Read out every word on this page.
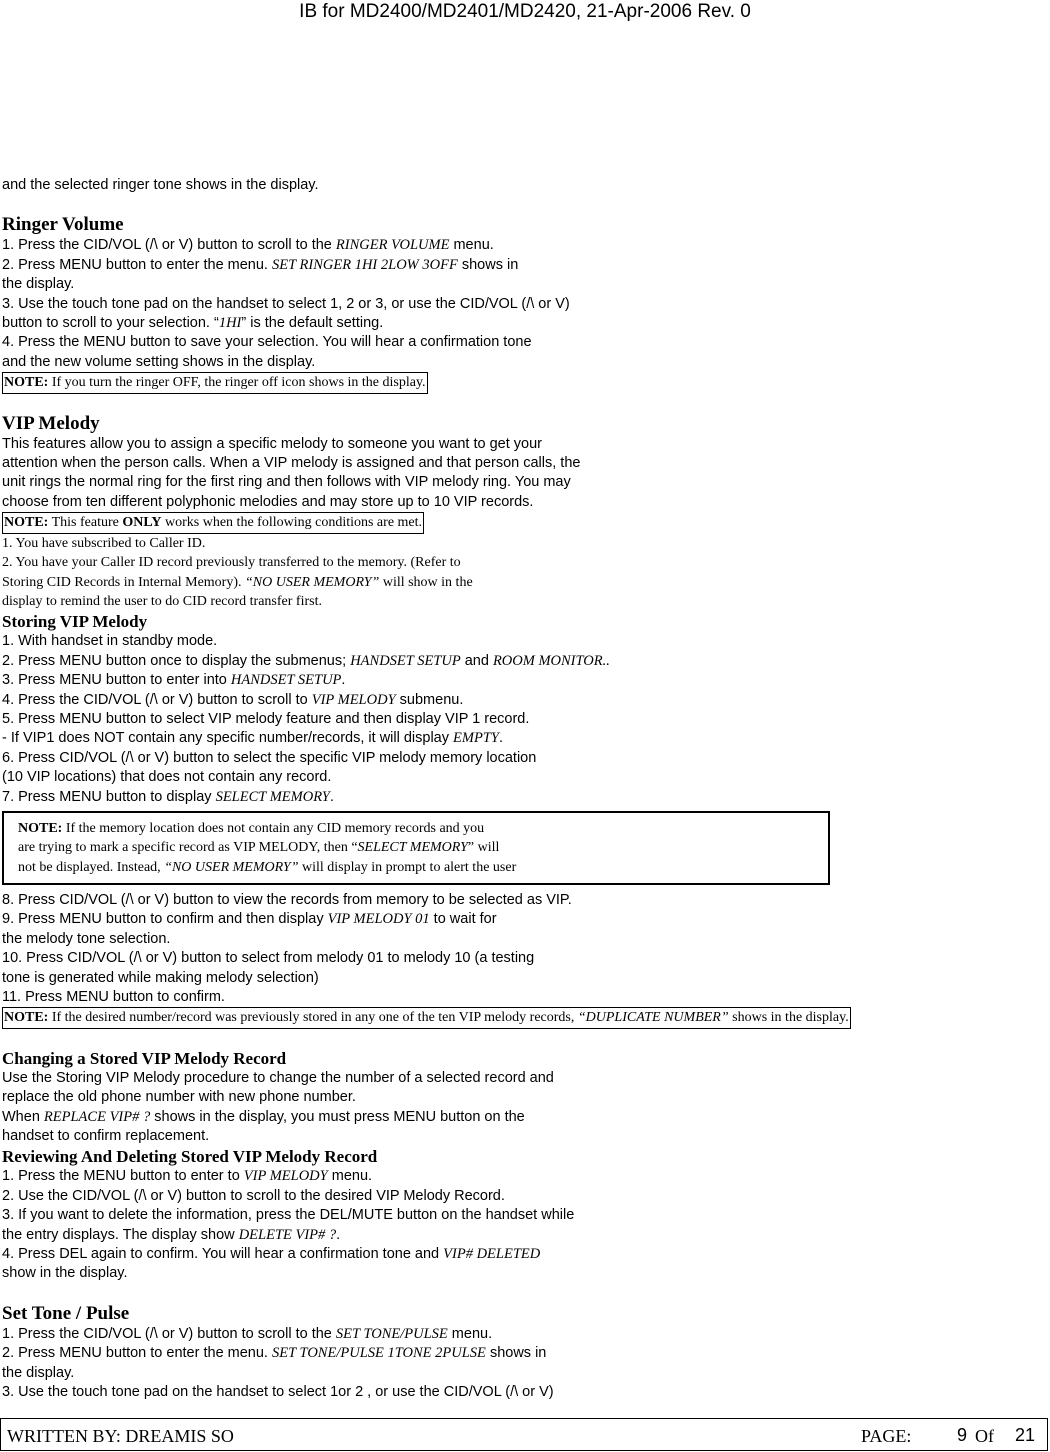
IB for MD2400/MD2401/MD2420, 21-Apr-2006 Rev. 0

and the selected ringer tone shows in the display.

Ringer Volume

1. Press the CID/VOL (/\ or V) button to scroll to the RINGER VOLUME menu.

2. Press MENU button to enter the menu. SET RINGER 1HI 2LOW 3OFF shows in

the display.

3. Use the touch tone pad on the handset to select 1, 2 or 3, or use the CID/VOL (/\ or V)

button to scroll to your selection. “1HI” is the default setting.

4. Press the MENU button to save your selection. You will hear a confirmation tone

and the new volume setting shows in the display.

NOTE: If you turn the ringer OFF, the ringer off icon shows in the display.

VIP Melody

This features allow you to assign a specific melody to someone you want to get your

attention when the person calls. When a VIP melody is assigned and that person calls, the

unit rings the normal ring for the first ring and then follows with VIP melody ring. You may

choose from ten different polyphonic melodies and may store up to 10 VIP records.

NOTE: This feature ONLY works when the following conditions are met.

1. You have subscribed to Caller ID.

2. You have your Caller ID record previously transferred to the memory. (Refer to

Storing CID Records in Internal Memory). “NO USER MEMORY” will show in the

display to remind the user to do CID record transfer first.

Storing VIP Melody

1. With handset in standby mode.

2. Press MENU button once to display the submenus; HANDSET SETUP and ROOM MONITOR..

3. Press MENU button to enter into HANDSET SETUP.

4. Press the CID/VOL (/\ or V) button to scroll to VIP MELODY submenu.

5. Press MENU button to select VIP melody feature and then display VIP 1 record.

- If VIP1 does NOT contain any specific number/records, it will display EMPTY.

6. Press CID/VOL (/\ or V) button to select the specific VIP melody memory location

(10 VIP locations) that does not contain any record.

7. Press MENU button to display SELECT MEMORY.

NOTE: If the memory location does not contain any CID memory records and you

are trying to mark a specific record as VIP MELODY, then “SELECT MEMORY” will

not be displayed. Instead, “NO USER MEMORY” will display in prompt to alert the user

8. Press CID/VOL (/\ or V) button to view the records from memory to be selected as VIP.

9. Press MENU button to confirm and then display VIP MELODY 01 to wait for

the melody tone selection.

10. Press CID/VOL (/\ or V) button to select from melody 01 to melody 10 (a testing

tone is generated while making melody selection)

11. Press MENU button to confirm.

NOTE: If the desired number/record was previously stored in any one of the ten VIP melody records, “DUPLICATE NUMBER” shows in the display.

Changing a Stored VIP Melody Record

Use the Storing VIP Melody procedure to change the number of a selected record and

replace the old phone number with new phone number.

When REPLACE VIP# ? shows in the display, you must press MENU button on the

handset to confirm replacement.

Reviewing And Deleting Stored VIP Melody Record

1. Press the MENU button to enter to VIP MELODY menu.

2. Use the CID/VOL (/\ or V) button to scroll to the desired VIP Melody Record.

3. If you want to delete the information, press the DEL/MUTE button on the handset while

the entry displays. The display show DELETE VIP# ?.

4. Press DEL again to confirm. You will hear a confirmation tone and VIP# DELETED

show in the display.

Set Tone / Pulse

1. Press the CID/VOL (/\ or V) button to scroll to the SET TONE/PULSE menu.

2. Press MENU button to enter the menu. SET TONE/PULSE 1TONE 2PULSE shows in

the display.

3. Use the touch tone pad on the handset to select 1or 2 , or use the CID/VOL (/\ or V)

WRITTEN BY: DREAMIS SO	PAGE:	9 Of 21
